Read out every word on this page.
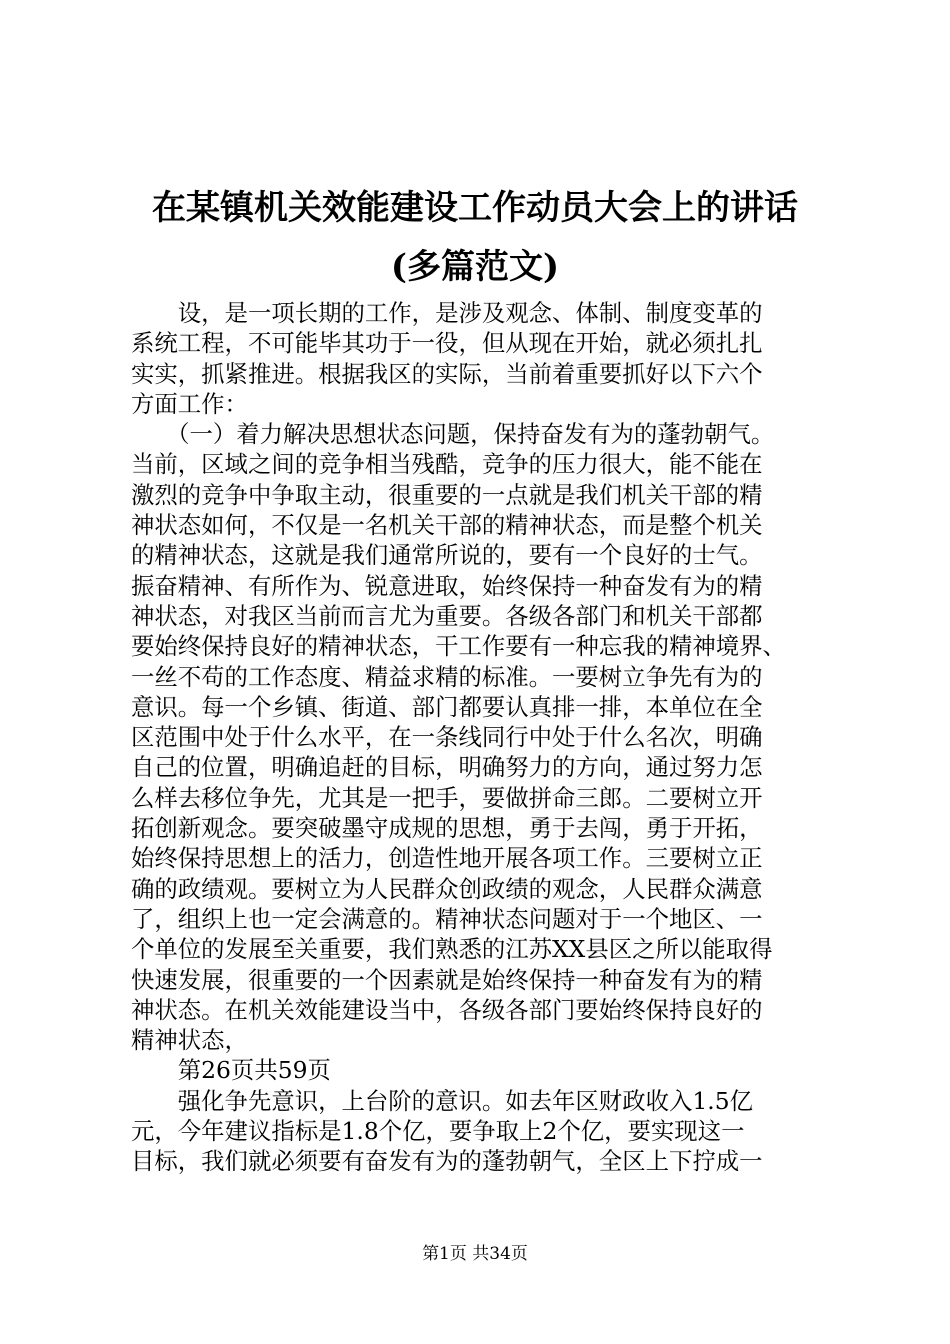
在某镇机关效能建设工作动员大会上的讲话
(多篇范文)
　　设，是一项长期的工作，是涉及观念、体制、制度变革的
系统工程，不可能毕其功于一役，但从现在开始，就必须扎扎
实实，抓紧推进。根据我区的实际，当前着重要抓好以下六个
方面工作：
　　（一）着力解决思想状态问题，保持奋发有为的蓬勃朝气。
当前，区域之间的竞争相当残酷，竞争的压力很大，能不能在
激烈的竞争中争取主动，很重要的一点就是我们机关干部的精
神状态如何，不仅是一名机关干部的精神状态，而是整个机关
的精神状态，这就是我们通常所说的，要有一个良好的士气。
振奋精神、有所作为、锐意进取，始终保持一种奋发有为的精
神状态，对我区当前而言尤为重要。各级各部门和机关干部都
要始终保持良好的精神状态，干工作要有一种忘我的精神境界、
一丝不苟的工作态度、精益求精的标准。一要树立争先有为的
意识。每一个乡镇、街道、部门都要认真排一排，本单位在全
区范围中处于什么水平，在一条线同行中处于什么名次，明确
自己的位置，明确追赶的目标，明确努力的方向，通过努力怎
么样去移位争先，尤其是一把手，要做拼命三郎。二要树立开
拓创新观念。要突破墨守成规的思想，勇于去闯，勇于开拓，
始终保持思想上的活力，创造性地开展各项工作。三要树立正
确的政绩观。要树立为人民群众创政绩的观念，人民群众满意
了，组织上也一定会满意的。精神状态问题对于一个地区、一
个单位的发展至关重要，我们熟悉的江苏XX县区之所以能取得
快速发展，很重要的一个因素就是始终保持一种奋发有为的精
神状态。在机关效能建设当中，各级各部门要始终保持良好的
精神状态，
　　第26页共59页
　　强化争先意识，上台阶的意识。如去年区财政收入1.5亿
元，今年建议指标是1.8个亿，要争取上2个亿，要实现这一
目标，我们就必须要有奋发有为的蓬勃朝气，全区上下拧成一
第1页 共34页
